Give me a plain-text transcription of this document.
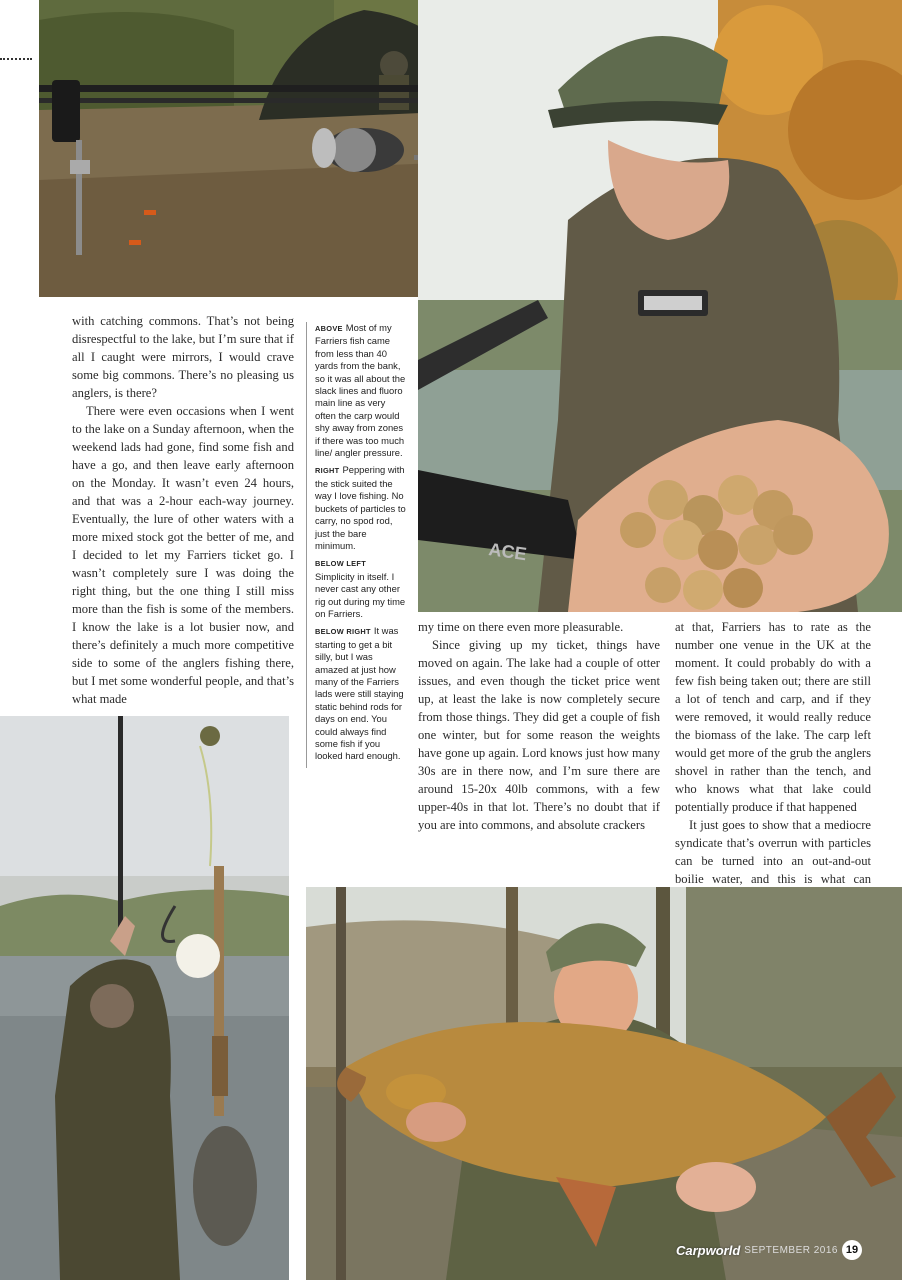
ACE

with catching commons. That’s not being disrespectful to the lake, but I’m sure that if all I caught were mirrors, I would crave some big commons. There’s no pleasing us anglers, is there?

There were even occasions when I went to the lake on a Sunday afternoon, when the weekend lads had gone, find some fish and have a go, and then leave early afternoon on the Monday. It wasn’t even 24 hours, and that was a 2-hour each-way journey. Eventually, the lure of other waters with a more mixed stock got the better of me, and I decided to let my Farriers ticket go. I wasn’t completely sure I was doing the right thing, but the one thing I still miss more than the fish is some of the members. I know the lake is a lot busier now, and there’s definitely a much more competitive side to some of the anglers fishing there, but I met some wonderful people, and that’s what made

ABOVE Most of my Farriers fish came from less than 40 yards from the bank, so it was all about the slack lines and fluoro main line as very often the carp would shy away from zones if there was too much line/ angler pressure.

RIGHT Peppering with the stick suited the way I love fishing. No buckets of particles to carry, no spod rod, just the bare minimum.

BELOW LEFT
Simplicity in itself. I never cast any other rig out during my time on Farriers.

BELOW RIGHT It was starting to get a bit silly, but I was amazed at just how many of the Farriers lads were still staying static behind rods for days on end. You could always find some fish if you looked hard enough.

my time on there even more pleasurable.

Since giving up my ticket, things have moved on again. The lake had a couple of otter issues, and even though the ticket price went up, at least the lake is now completely secure from those things. They did get a couple of fish one winter, but for some reason the weights have gone up again. Lord knows just how many 30s are in there now, and I’m sure there are around 15-20x 40lb commons, with a few upper-40s in that lot. There’s no doubt that if you are into commons, and absolute crackers

at that, Farriers has to rate as the number one venue in the UK at the moment. It could probably do with a few fish being taken out; there are still a lot of tench and carp, and if they were removed, it would really reduce the biomass of the lake. The carp left would get more of the grub the anglers shovel in rather than the tench, and who knows what that lake could potentially produce if that happened

It just goes to show that a mediocre syndicate that’s overrun with particles can be turned into an out-and-out boilie water, and this is what can

Carpworld SEPTEMBER 2016 19
